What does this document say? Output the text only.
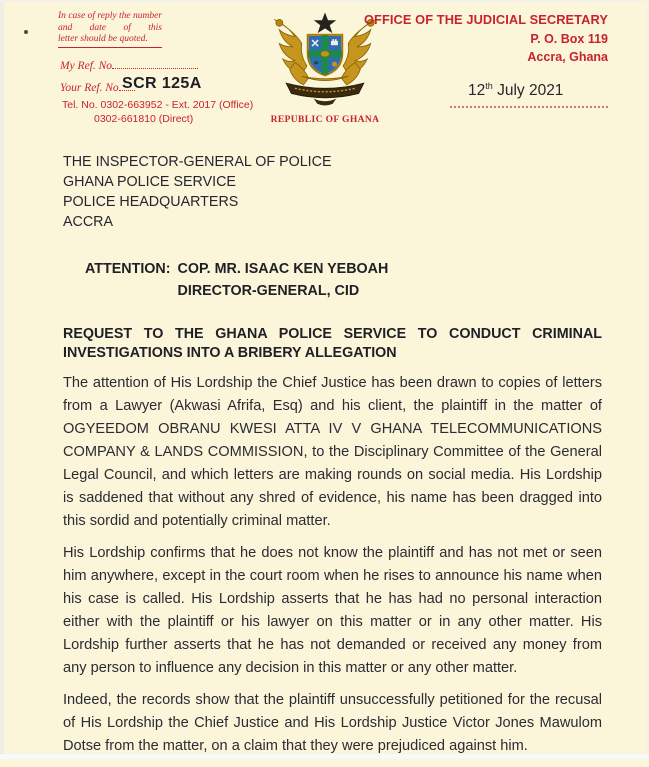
In case of reply the number and date of this letter should be quoted.
My Ref. No
Your Ref. No SCR 125A
Tel. No. 0302-663952 - Ext. 2017 (Office)
0302-661810 (Direct)	REPUBLIC OF GHANA
OFFICE OF THE JUDICIAL SECRETARY
P. O. Box 119
Accra, Ghana
12th July 2021
THE INSPECTOR-GENERAL OF POLICE
GHANA POLICE SERVICE
POLICE HEADQUARTERS
ACCRA
ATTENTION: COP. MR. ISAAC KEN YEBOAH
DIRECTOR-GENERAL, CID
REQUEST TO THE GHANA POLICE SERVICE TO CONDUCT CRIMINAL INVESTIGATIONS INTO A BRIBERY ALLEGATION

The attention of His Lordship the Chief Justice has been drawn to copies of letters from a Lawyer (Akwasi Afrifa, Esq) and his client, the plaintiff in the matter of OGYEEDOM OBRANU KWESI ATTA IV V GHANA TELECOMMUNICATIONS COMPANY & LANDS COMMISSION, to the Disciplinary Committee of the General Legal Council, and which letters are making rounds on social media. His Lordship is saddened that without any shred of evidence, his name has been dragged into this sordid and potentially criminal matter.

His Lordship confirms that he does not know the plaintiff and has not met or seen him anywhere, except in the court room when he rises to announce his name when his case is called. His Lordship asserts that he has had no personal interaction either with the plaintiff or his lawyer on this matter or in any other matter. His Lordship further asserts that he has not demanded or received any money from any person to influence any decision in this matter or any other matter.

Indeed, the records show that the plaintiff unsuccessfully petitioned for the recusal of His Lordship the Chief Justice and His Lordship Justice Victor Jones Mawulom Dotse from the matter, on a claim that they were prejudiced against him.
